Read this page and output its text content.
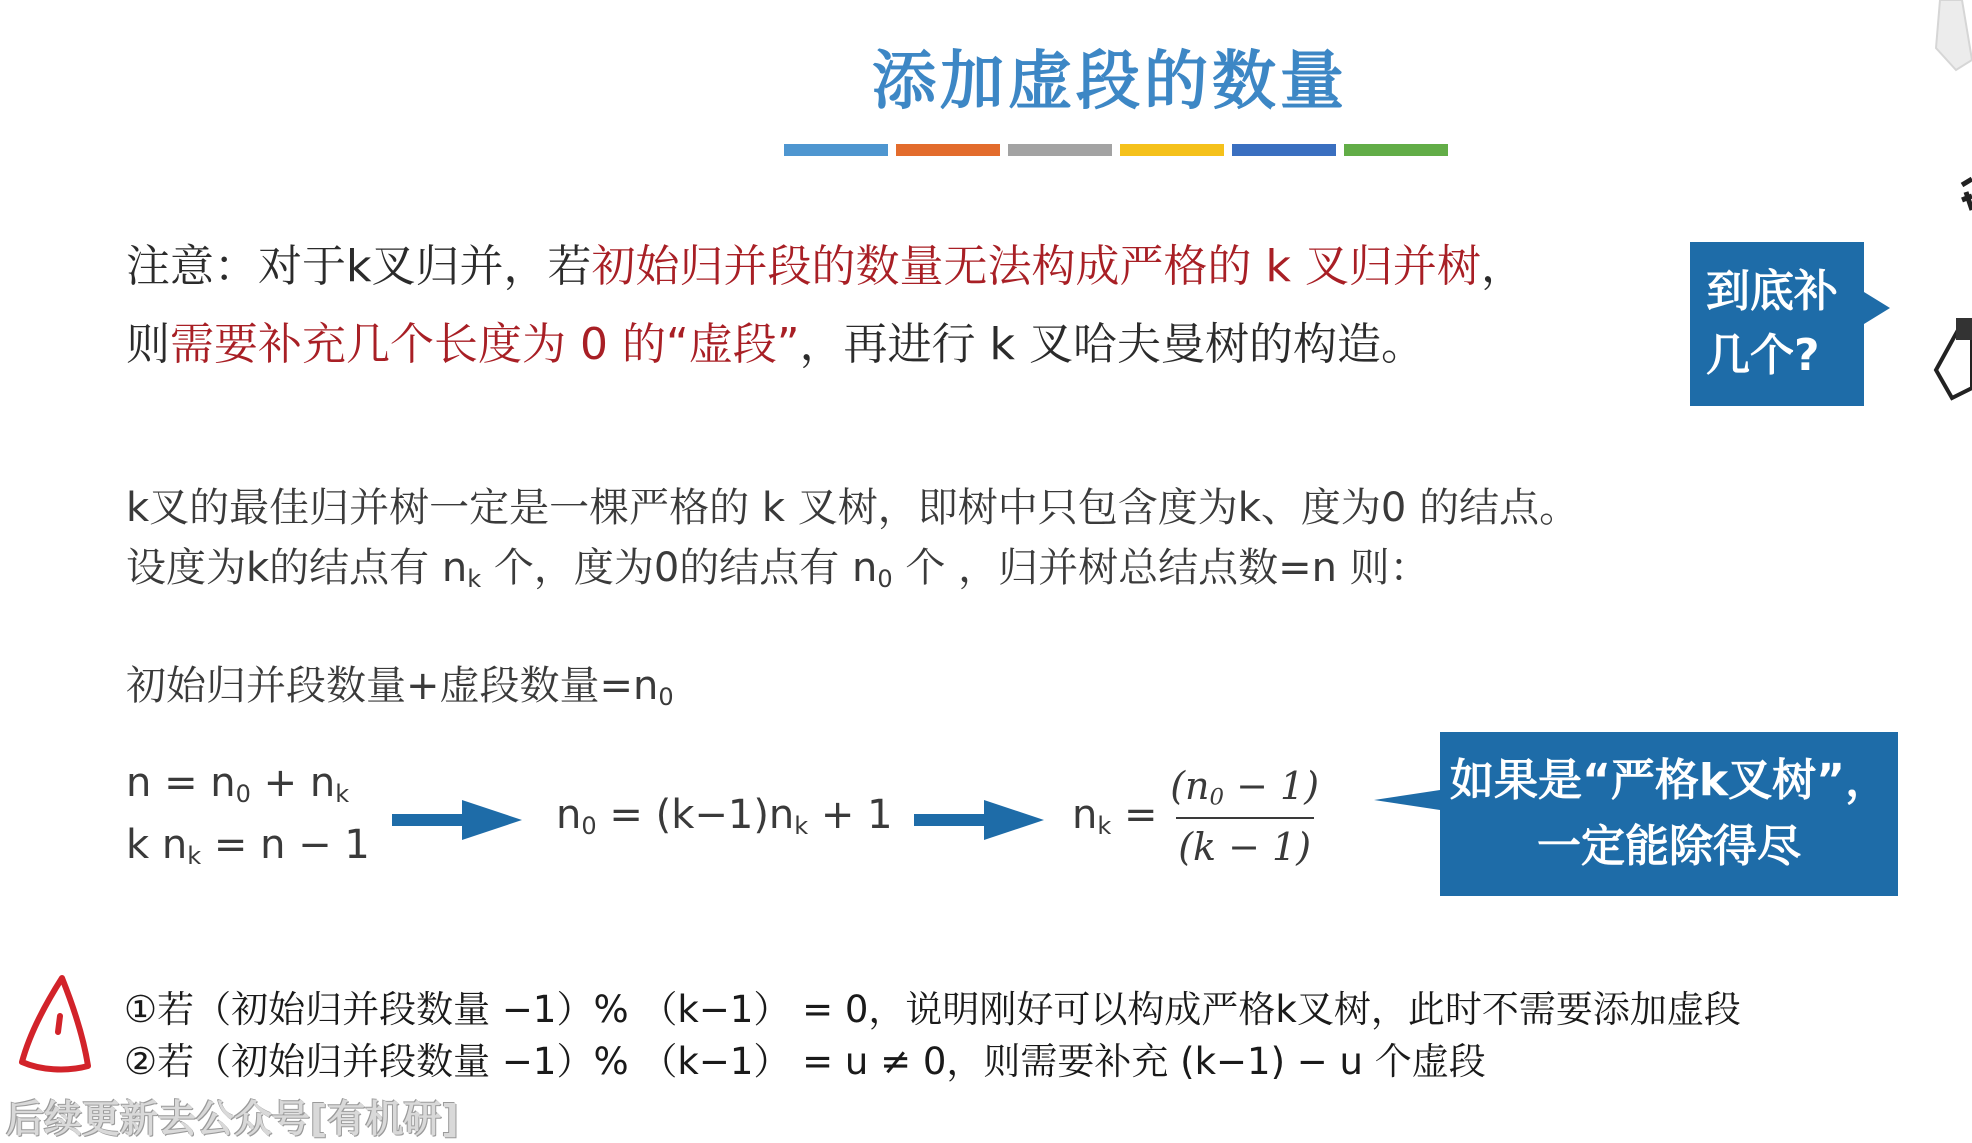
添加虚段的数量
注意：对于k叉归并，若初始归并段的数量无法构成严格的 k 叉归并树，
则需要补充几个长度为 0 的“虚段”，再进行 k 叉哈夫曼树的构造。
到底补
几个?
k叉的最佳归并树一定是一棵严格的 k 叉树，即树中只包含度为k、度为0 的结点。
设度为k的结点有 $n_k$ 个，度为0的结点有 $n_0$ 个 ，归并树总结点数=n 则：
初始归并段数量+虚段数量$=n_0$
$n = n_0 + n_k$
k $n_k = n - 1$
$n_0 = (k-1)n_k + 1$	$n_k = \frac{(n_0 - 1)}{(k - 1)}$	如果是“严格k叉树”，
一定能除得尽
①若（初始归并段数量 −1）% （k−1） = 0，说明刚好可以构成严格k叉树，此时不需要添加虚段
②若（初始归并段数量 −1）% （k−1） = u ≠ 0，则需要补充 (k−1) − u 个虚段
后续更新去公众号[有机研]
